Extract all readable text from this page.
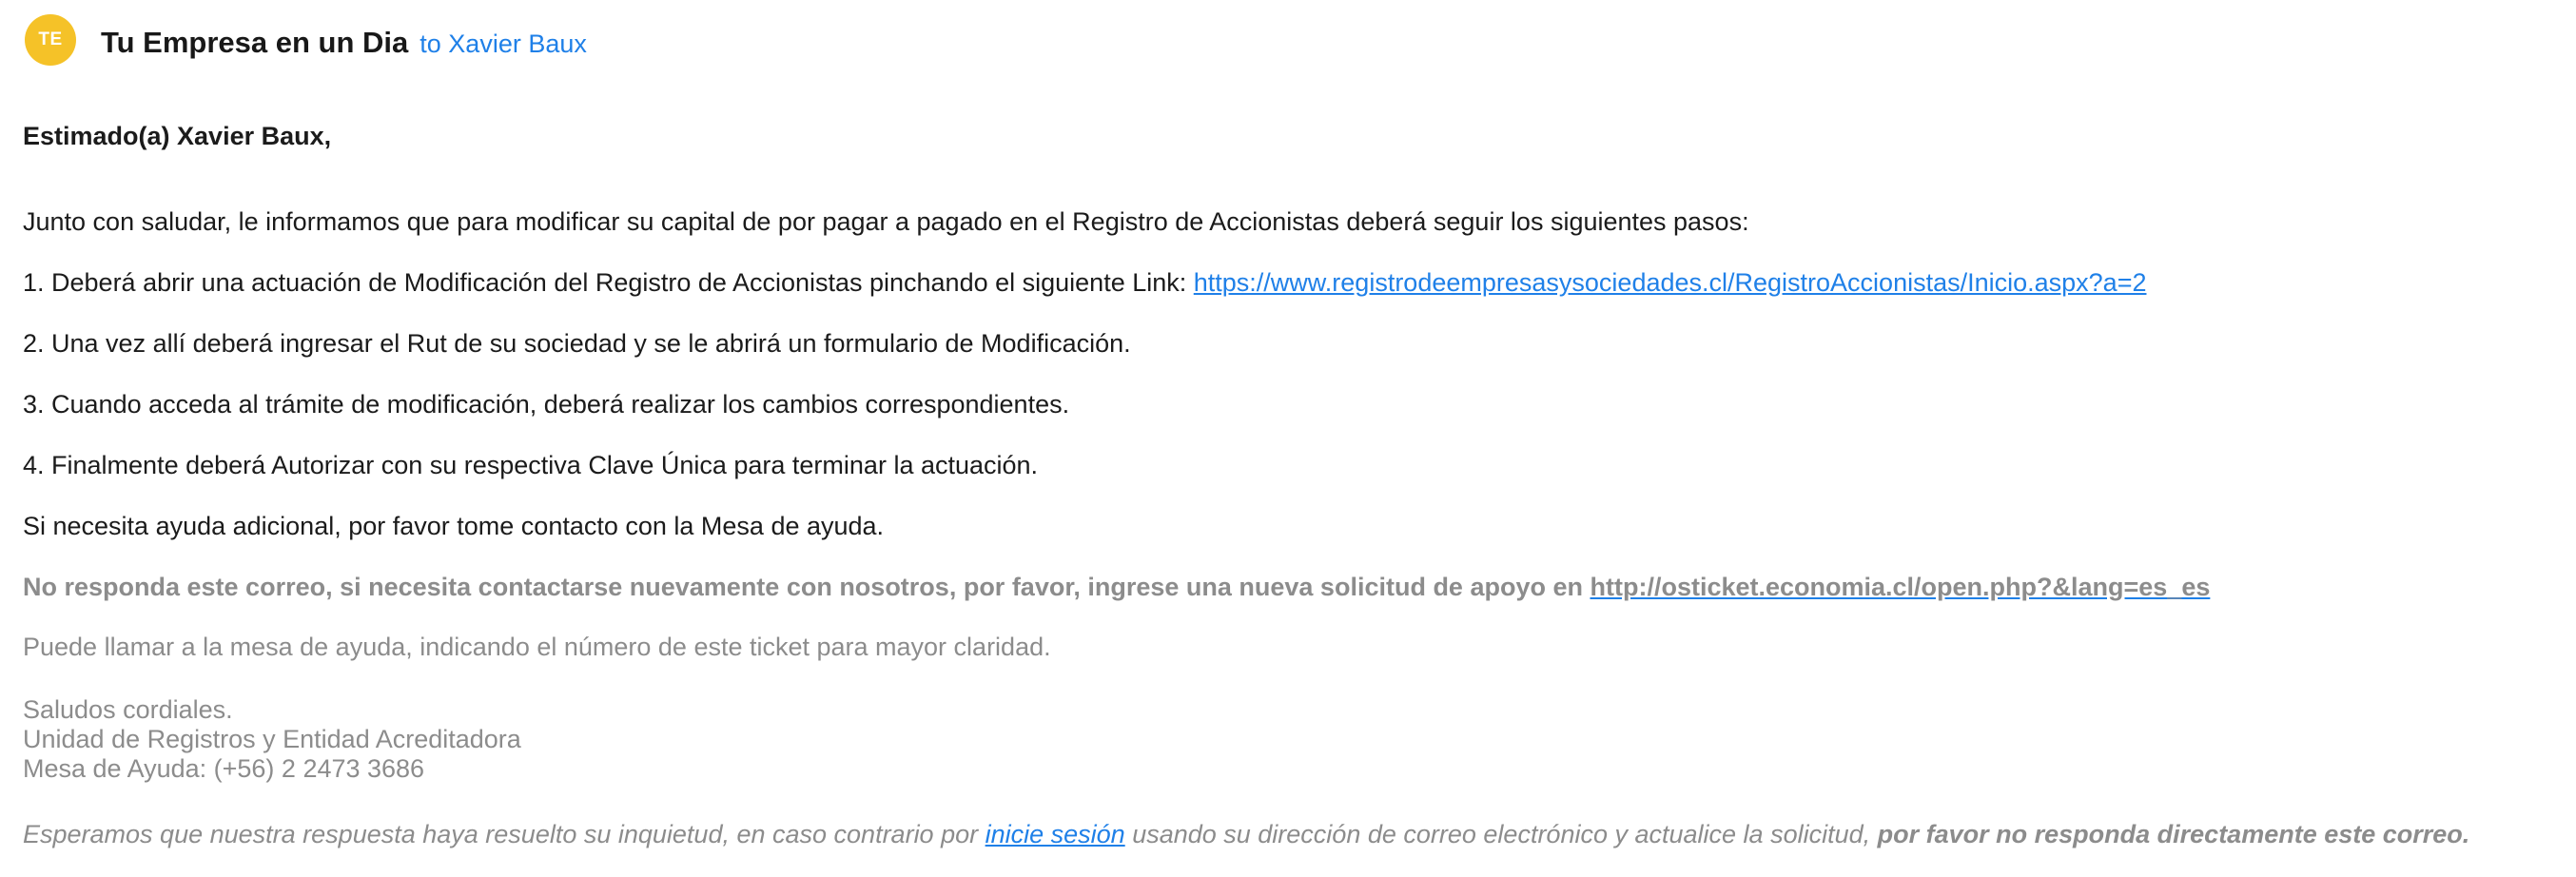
TE Tu Empresa en un Dia to Xavier Baux
Estimado(a) Xavier Baux,
Junto con saludar, le informamos que para modificar su capital de por pagar a pagado en el Registro de Accionistas deberá seguir los siguientes pasos:
1. Deberá abrir una actuación de Modificación del Registro de Accionistas pinchando el siguiente Link: https://www.registrodeempresasysociedades.cl/RegistroAccionistas/Inicio.aspx?a=2
2. Una vez allí deberá ingresar el Rut de su sociedad y se le abrirá un formulario de Modificación.
3. Cuando acceda al trámite de modificación, deberá realizar los cambios correspondientes.
4. Finalmente deberá Autorizar con su respectiva Clave Única para terminar la actuación.
Si necesita ayuda adicional, por favor tome contacto con la Mesa de ayuda.
No responda este correo, si necesita contactarse nuevamente con nosotros, por favor, ingrese una nueva solicitud de apoyo en http://osticket.economia.cl/open.php?&lang=es_es
Puede llamar a la mesa de ayuda, indicando el número de este ticket para mayor claridad.
Saludos cordiales.
Unidad de Registros y Entidad Acreditadora
Mesa de Ayuda: (+56) 2 2473 3686
Esperamos que nuestra respuesta haya resuelto su inquietud, en caso contrario por inicie sesión usando su dirección de correo electrónico y actualice la solicitud, por favor no responda directamente este correo.
